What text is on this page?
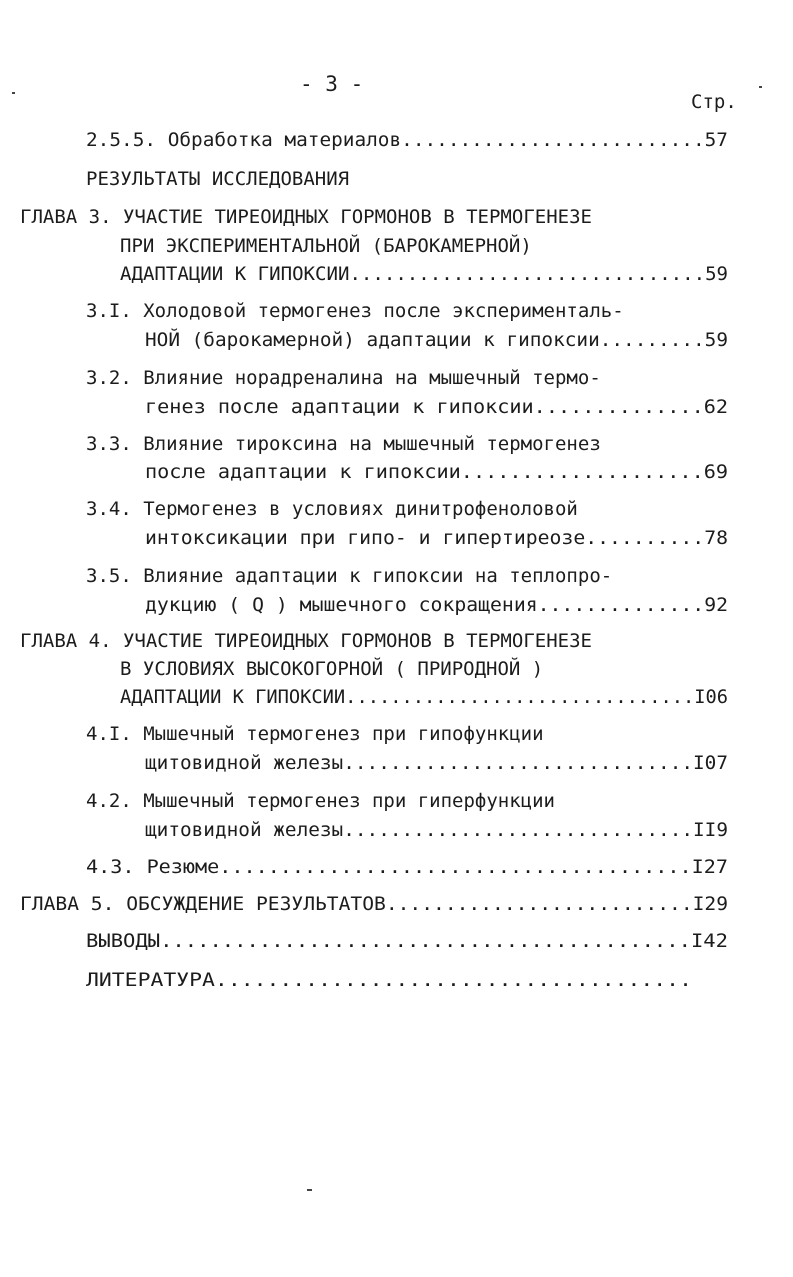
- 3 -
Стр.
2.5.5. Обработка материалов..........................57
РЕЗУЛЬТАТЫ ИССЛЕДОВАНИЯ
ГЛАВА 3. УЧАСТИЕ ТИРЕОИДНЫХ ГОРМОНОВ В ТЕРМОГЕНЕЗЕ
ПРИ ЭКСПЕРИМЕНТАЛЬНОЙ (БАРОКАМЕРНОЙ)
АДАПТАЦИИ К ГИПОКСИИ...............................59
3.I. Холодовой термогенез после эксперименталь-
НОЙ (барокамерной) адаптации к гипоксии.........59
3.2. Влияние норадреналина на мышечный термо-
генез после адаптации к гипоксии..............62
3.3. Влияние тироксина на мышечный термогенез
после адаптации к гипоксии....................69
3.4. Термогенез в условиях динитрофеноловой
интоксикации при гипо- и гипертиреозе..........78
3.5. Влияние адаптации к гипоксии на теплопро-
дукцию ( Q ) мышечного сокращения..............92
ГЛАВА 4. УЧАСТИЕ ТИРЕОИДНЫХ ГОРМОНОВ В ТЕРМОГЕНЕЗЕ
В УСЛОВИЯХ ВЫСОКОГОРНОЙ ( ПРИРОДНОЙ )
АДАПТАЦИИ К ГИПОКСИИ...............................I06
4.I. Мышечный термогенез при гипофункции
щитовидной железы..............................I07
4.2. Мышечный термогенез при гиперфункции
щитовидной железы..............................II9
4.3. Резюме.......................................I27
ГЛАВА 5. ОБСУЖДЕНИЕ РЕЗУЛЬТАТОВ..........................I29
ВЫВОДЫ...........................................I42
ЛИТЕРАТУРА.....................................
